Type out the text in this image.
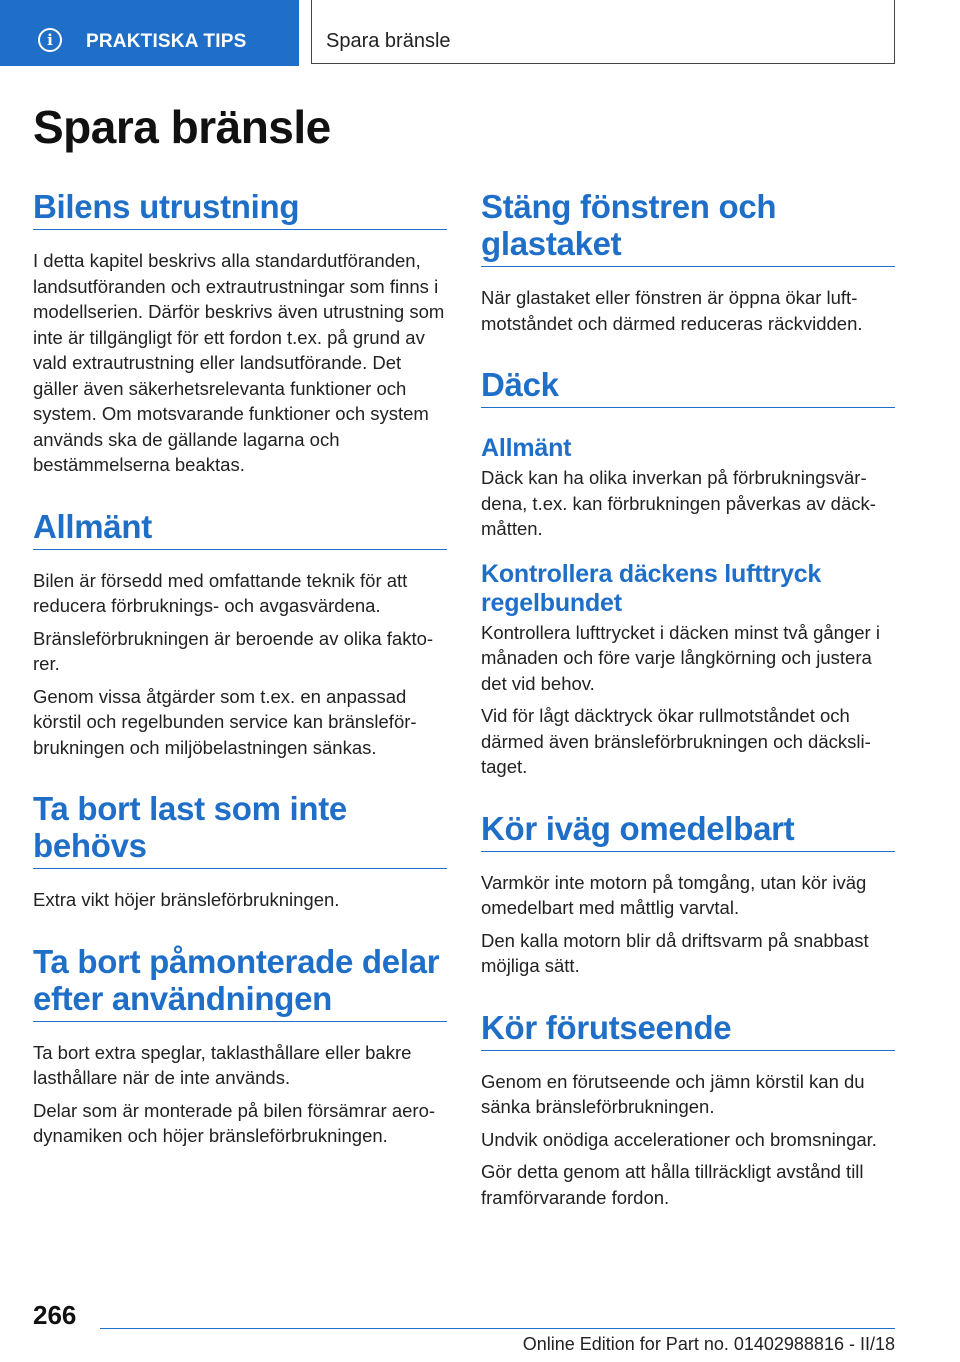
i	PRAKTISKA TIPS	Spara bränsle
Spara bränsle
Bilens utrustning

I detta kapitel beskrivs alla standardutföranden, landsutföranden och extrautrustningar som finns i modellserien. Därför beskrivs även utrustning som inte är tillgängligt för ett fordon t.ex. på grund av vald extrautrustning eller landsutförande. Det gäller även säkerhetsrelevanta funktioner och system. Om motsvarande funktioner och system används ska de gällande lagarna och bestämmelserna beaktas.

Allmänt

Bilen är försedd med omfattande teknik för att reducera förbruknings- och avgasvärdena.

Bränsleförbrukningen är beroende av olika faktorer.

Genom vissa åtgärder som t.ex. en anpassad körstil och regelbunden service kan bränsleförbrukningen och miljöbelastningen sänkas.

Ta bort last som inte behövs

Extra vikt höjer bränsleförbrukningen.

Ta bort påmonterade delar efter användningen

Ta bort extra speglar, taklasthållare eller bakre lasthållare när de inte används.

Delar som är monterade på bilen försämrar aerodynamiken och höjer bränsleförbrukningen.

Stäng fönstren och glastaket

När glastaket eller fönstren är öppna ökar luftmotståndet och därmed reduceras räckvidden.

Däck
Allmänt

Däck kan ha olika inverkan på förbrukningsvärdena, t.ex. kan förbrukningen påverkas av däckmåtten.

Kontrollera däckens lufttryck regelbundet

Kontrollera lufttrycket i däcken minst två gånger i månaden och före varje långkörning och justera det vid behov.

Vid för lågt däcktryck ökar rullmotståndet och därmed även bränsleförbrukningen och däckslitaget.

Kör iväg omedelbart

Varmkör inte motorn på tomgång, utan kör iväg omedelbart med måttlig varvtal.

Den kalla motorn blir då driftsvarm på snabbast möjliga sätt.

Kör förutseende

Genom en förutseende och jämn körstil kan du sänka bränsleförbrukningen.

Undvik onödiga accelerationer och bromsningar.

Gör detta genom att hålla tillräckligt avstånd till framförvarande fordon.

266
Online Edition for Part no. 01402988816 - II/18
